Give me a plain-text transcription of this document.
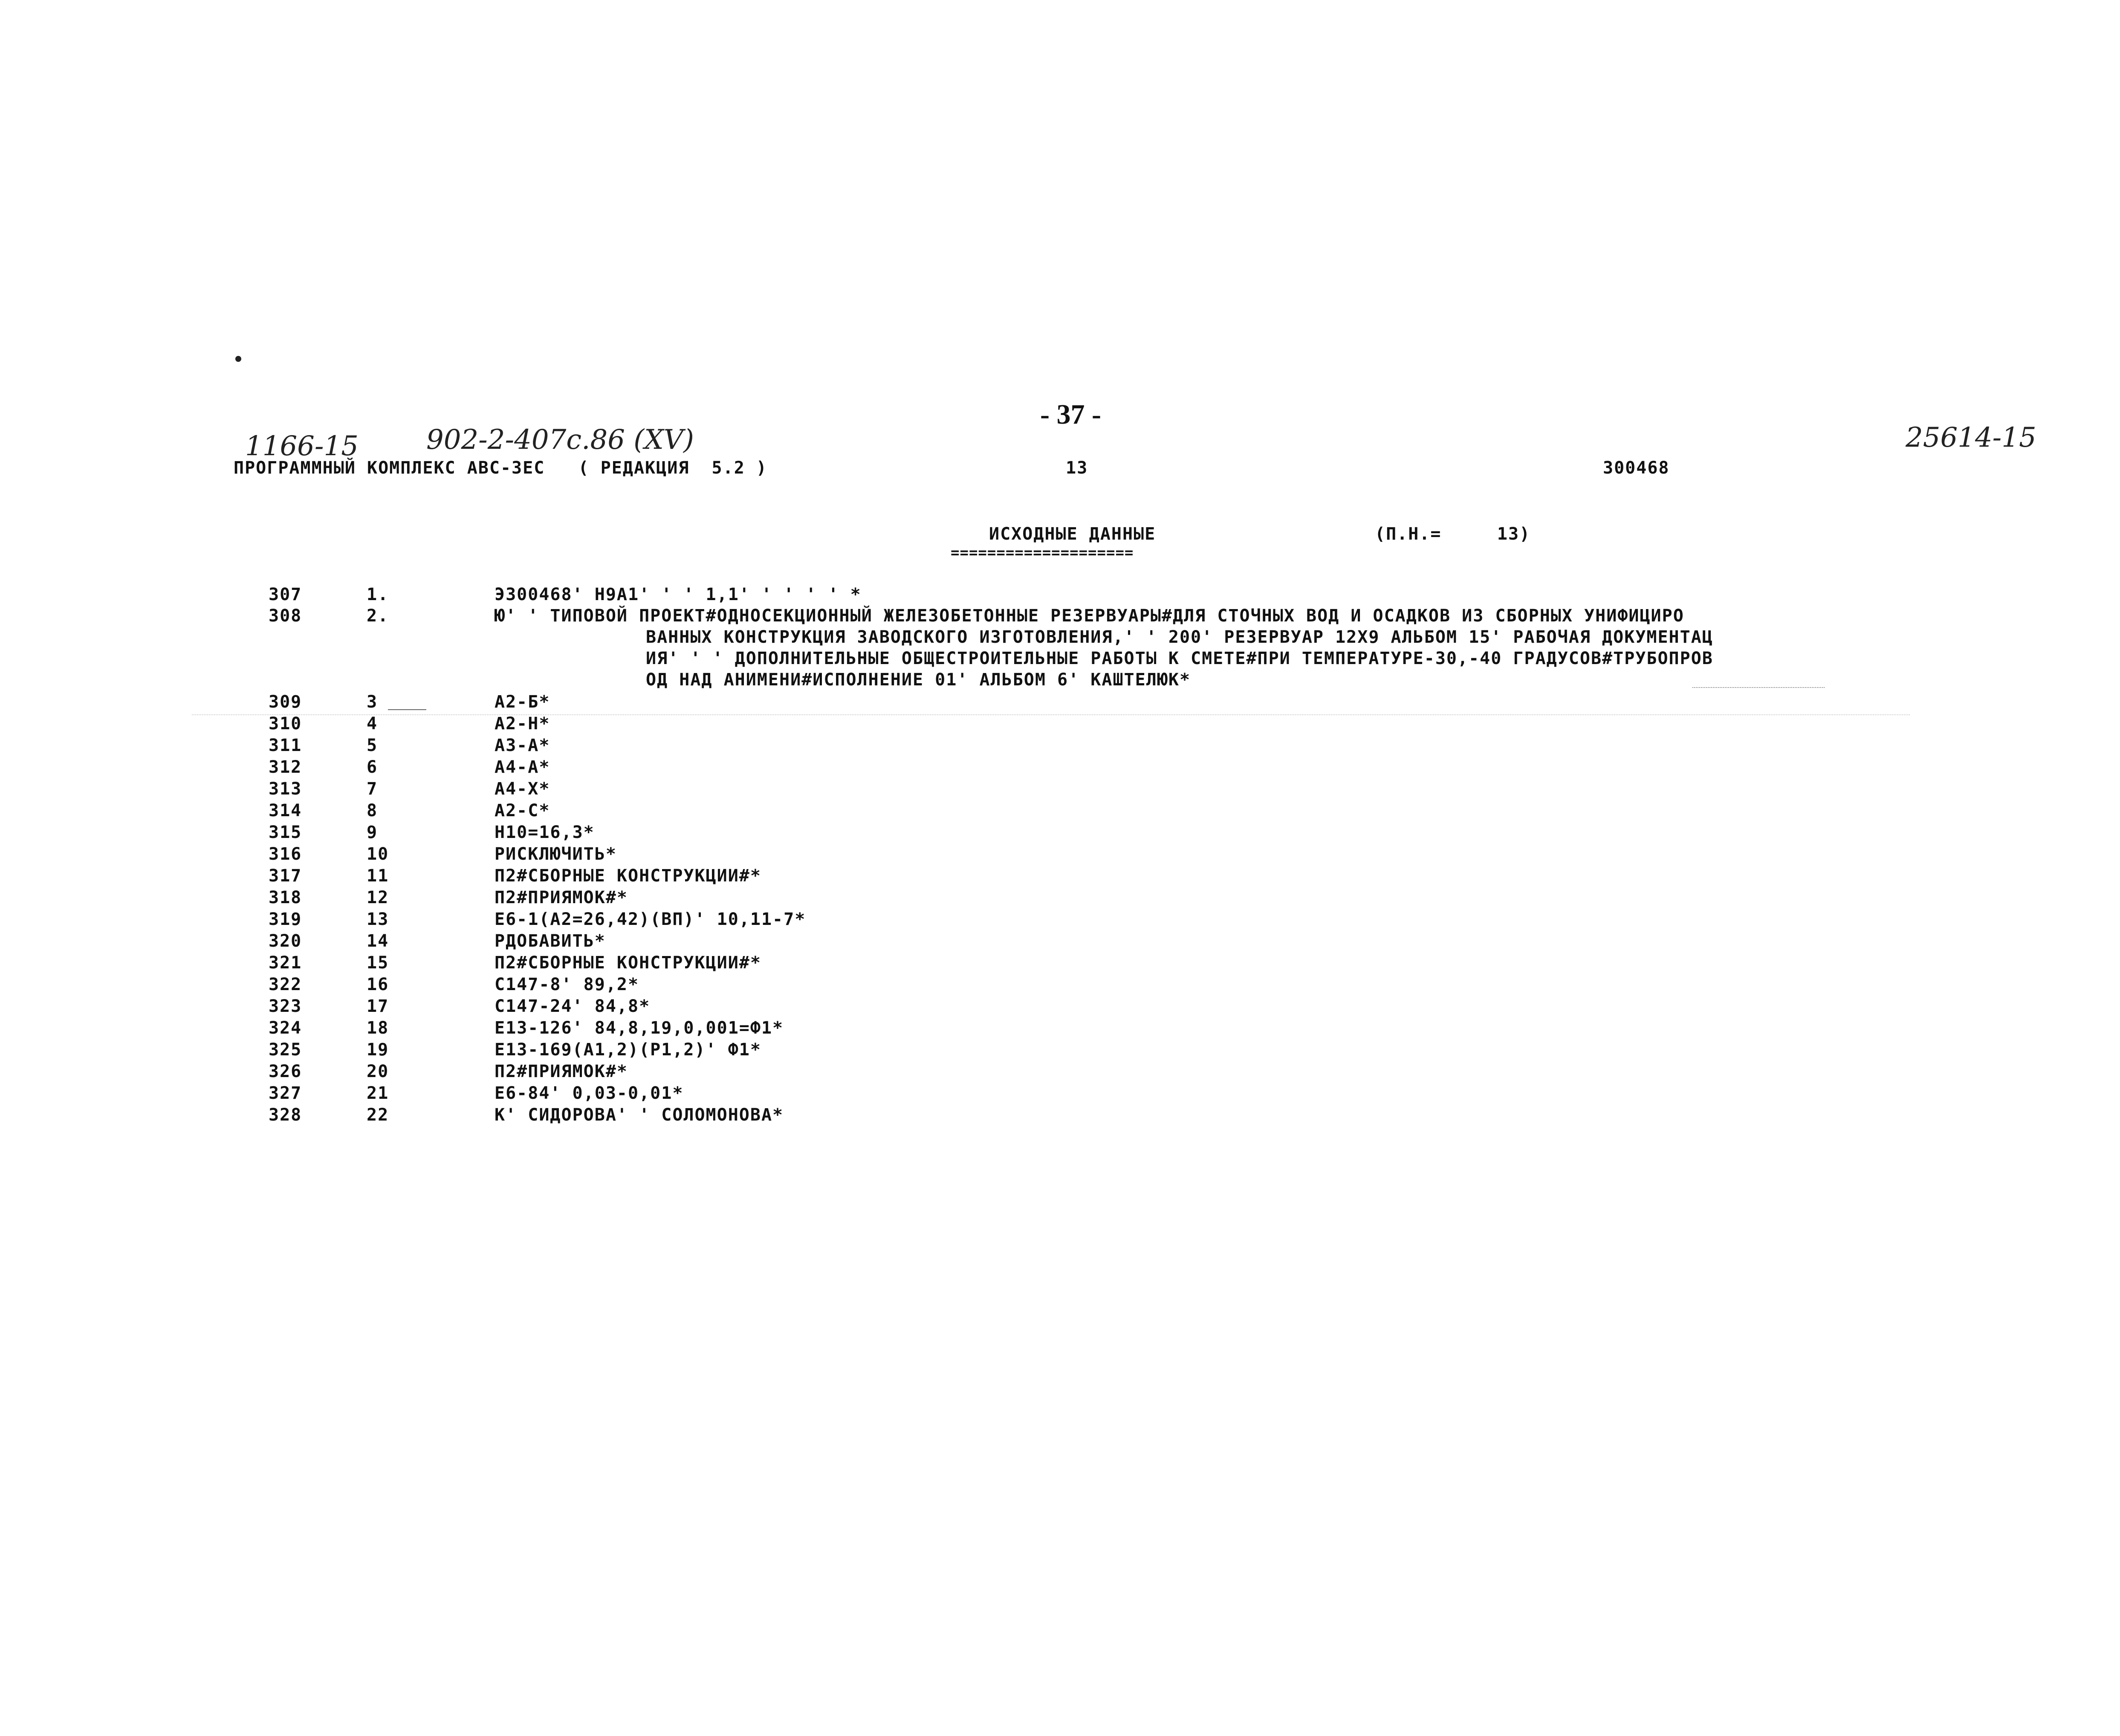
- 37 -
1166-15 902-2-407с.86 (XV)	25614-15
ПРОГРАММНЫЙ КОМПЛЕКС АВС-ЗЕС   ( РЕДАКЦИЯ  5.2 )	13	300468
ИСХОДНЫЕ ДАННЫЕ
====================
(П.Н.=     13)
307	1.	Э300468' Н9А1' ' ' 1,1' ' ' ' ' *
308	2.	Ю' ' ТИПОВОЙ ПРОЕКТ#ОДНОСЕКЦИОННЫЙ ЖЕЛЕЗОБЕТОННЫЕ РЕЗЕРВУАРЫ#ДЛЯ СТОЧНЫХ ВОД И ОСАДКОВ ИЗ СБОРНЫХ УНИФИЦИРО
ВАННЫХ КОНСТРУКЦИЯ ЗАВОДСКОГО ИЗГОТОВЛЕНИЯ,' ' 200' РЕЗЕРВУАР 12Х9 АЛЬБОМ 15' РАБОЧАЯ ДОКУМЕНТАЦ
ИЯ' ' ' ДОПОЛНИТЕЛЬНЫЕ ОБЩЕСТРОИТЕЛЬНЫЕ РАБОТЫ К СМЕТЕ#ПРИ ТЕМПЕРАТУРЕ-30,-40 ГРАДУСОВ#ТРУБОПРОВ
ОД НАД АНИМЕНИ#ИСПОЛНЕНИЕ 01' АЛЬБОМ 6' КАШТЕЛЮК*
309	3	А2-Б*
310	4	А2-Н*
311	5	А3-А*
312	6	А4-А*
313	7	А4-Х*
314	8	А2-С*
315	9	Н10=16,3*
316	10	РИСКЛЮЧИТЬ*
317	11	П2#СБОРНЫЕ КОНСТРУКЦИИ#*
318	12	П2#ПРИЯМОК#*
319	13	Е6-1(А2=26,42)(ВП)' 10,11-7*
320	14	РДОБАВИТЬ*
321	15	П2#СБОРНЫЕ КОНСТРУКЦИИ#*
322	16	С147-8' 89,2*
323	17	С147-24' 84,8*
324	18	Е13-126' 84,8,19,0,001=Ф1*
325	19	Е13-169(А1,2)(Р1,2)' Ф1*
326	20	П2#ПРИЯМОК#*
327	21	Е6-84' 0,03-0,01*
328	22	К' СИДОРОВА' ' СОЛОМОНОВА*
